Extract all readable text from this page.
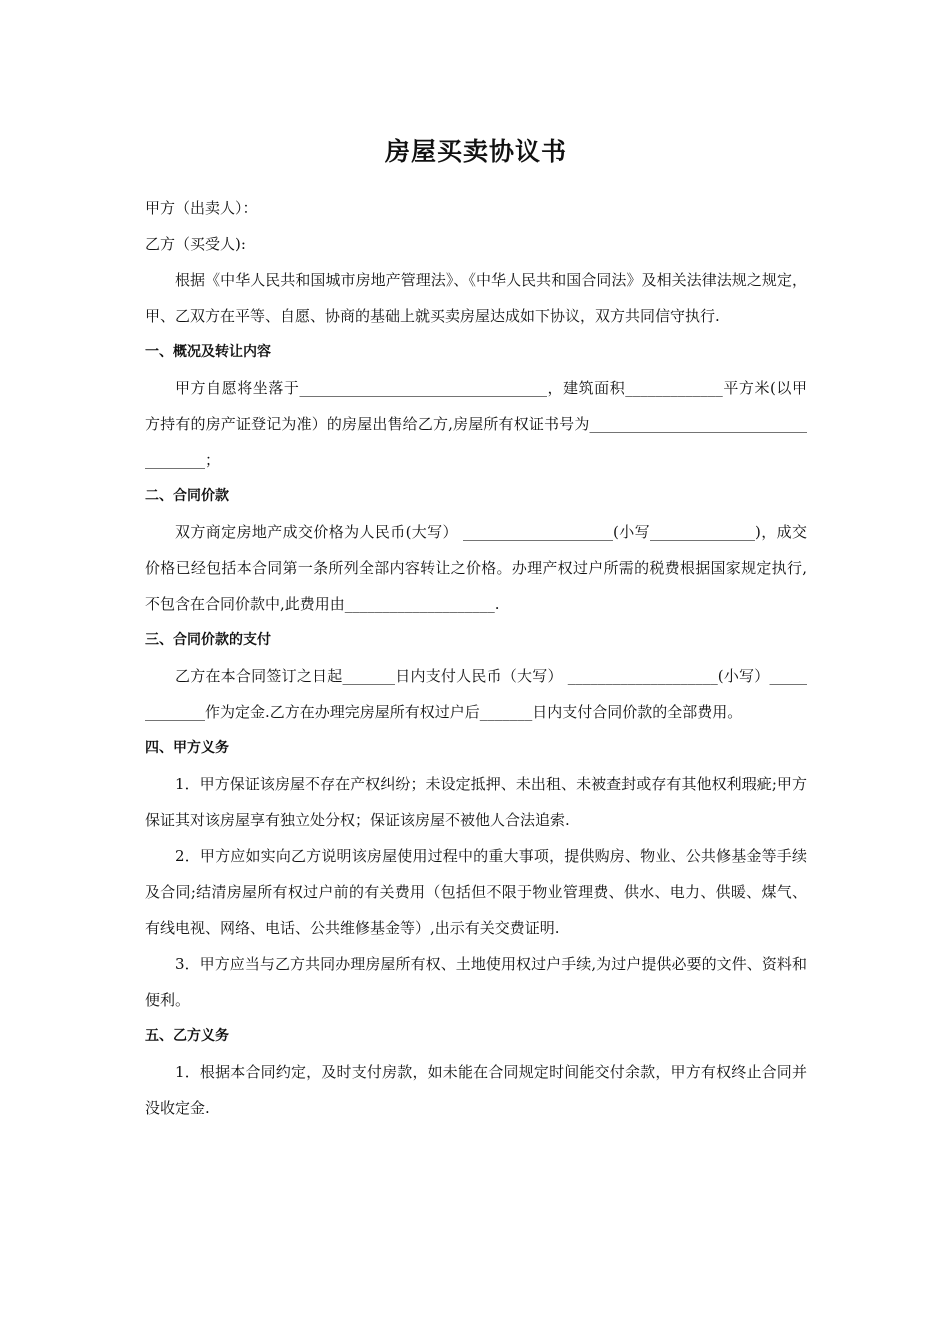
房屋买卖协议书
甲方（出卖人）：
乙方（买受人):

根据《中华人民共和国城市房地产管理法》、《中华人民共和国合同法》及相关法律法规之规定，甲、乙双方在平等、自愿、协商的基础上就买卖房屋达成如下协议，双方共同信守执行.

一、概况及转让内容

甲方自愿将坐落于_________________________________，建筑面积_____________平方米(以甲方持有的房产证登记为准）的房屋出售给乙方,房屋所有权证书号为_____________________________________；

二、合同价款

双方商定房地产成交价格为人民币(大写） ____________________(小写______________)，成交价格已经包括本合同第一条所列全部内容转让之价格。办理产权过户所需的税费根据国家规定执行,不包含在合同价款中,此费用由____________________.

三、合同价款的支付

乙方在本合同签订之日起_______日内支付人民币（大写） ____________________(小写）_____________作为定金.乙方在办理完房屋所有权过户后_______日内支付合同价款的全部费用。

四、甲方义务

1．甲方保证该房屋不存在产权纠纷；未设定抵押、未出租、未被查封或存有其他权利瑕疵;甲方保证其对该房屋享有独立处分权；保证该房屋不被他人合法追索.

2．甲方应如实向乙方说明该房屋使用过程中的重大事项，提供购房、物业、公共修基金等手续及合同;结清房屋所有权过户前的有关费用（包括但不限于物业管理费、供水、电力、供暖、煤气、有线电视、网络、电话、公共维修基金等）,出示有关交费证明.

3．甲方应当与乙方共同办理房屋所有权、土地使用权过户手续,为过户提供必要的文件、资料和便利。

五、乙方义务

1．根据本合同约定，及时支付房款，如未能在合同规定时间能交付余款，甲方有权终止合同并没收定金.
